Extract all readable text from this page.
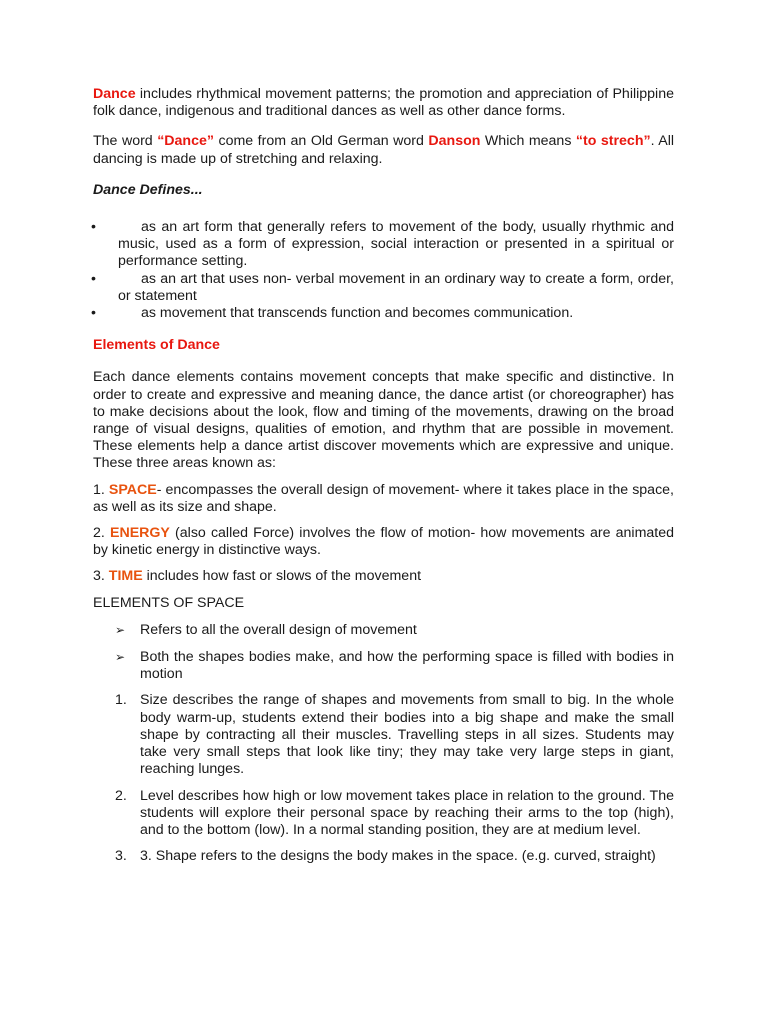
Dance includes rhythmical movement patterns; the promotion and appreciation of Philippine folk dance, indigenous and traditional dances as well as other dance forms.

The word “Dance” come from an Old German word Danson Which means “to strech”. All dancing is made up of stretching and relaxing.

Dance Defines...

•	as an art form that generally refers to movement of the body, usually rhythmic and music, used as a form of expression, social interaction or presented in a spiritual or performance setting.
•	as an art that uses non- verbal movement in an ordinary way to create a form, order, or statement
•	as movement that transcends function and becomes communication.

Elements of Dance

Each dance elements contains movement concepts that make specific and distinctive. In order to create and expressive and meaning dance, the dance artist (or choreographer) has to make decisions about the look, flow and timing of the movements, drawing on the broad range of visual designs, qualities of emotion, and rhythm that are possible in movement. These elements help a dance artist discover movements which are expressive and unique. These three areas known as:

1. SPACE- encompasses the overall design of movement- where it takes place in the space, as well as its size and shape.

2. ENERGY (also called Force) involves the flow of motion- how movements are animated by kinetic energy in distinctive ways.

3. TIME includes how fast or slows of the movement

ELEMENTS OF SPACE

➢ Refers to all the overall design of movement
➢ Both the shapes bodies make, and how the performing space is filled with bodies in motion
1. Size describes the range of shapes and movements from small to big. In the whole body warm-up, students extend their bodies into a big shape and make the small shape by contracting all their muscles. Travelling steps in all sizes. Students may take very small steps that look like tiny; they may take very large steps in giant, reaching lunges.
2. Level describes how high or low movement takes place in relation to the ground. The students will explore their personal space by reaching their arms to the top (high), and to the bottom (low). In a normal standing position, they are at medium level.
3. 3. Shape refers to the designs the body makes in the space. (e.g. curved, straight)
